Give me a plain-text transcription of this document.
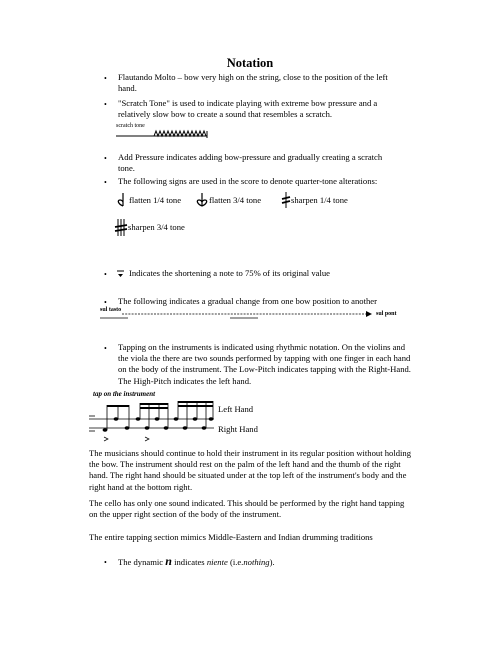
Notation
• Flautando Molto – bow very high on the string, close to the position of the left hand.
• "Scratch Tone" is used to indicate playing with extreme bow pressure and a relatively slow bow to create a sound that resembles a scratch.
scratch tone
• Add Pressure indicates adding bow-pressure and gradually creating a scratch tone.
• The following signs are used in the score to denote quarter-tone alterations:
flatten 1/4 tone	flatten 3/4 tone	sharpen 1/4 tone
sharpen 3/4 tone
•	Indicates the shortening a note to 75% of its original value
• The following indicates a gradual change from one bow position to another
sul tasto
sul pont
• Tapping on the instruments is indicated using rhythmic notation. On the violins and the viola the there are two sounds performed by tapping with one finger in each hand on the body of the instrument. The Low-Pitch indicates tapping with the Right-Hand. The High-Pitch indicates the left hand.
tap on the instrument
Left Hand
Right Hand
The musicians should continue to hold their instrument in its regular position without holding the bow. The instrument should rest on the palm of the left hand and the thumb of the right hand. The right hand should be situated under at the top left of the instrument's body and the right hand at the bottom right.
The cello has only one sound indicated. This should be performed by the right hand tapping on the upper right section of the body of the instrument.
The entire tapping section mimics Middle-Eastern and Indian drumming traditions
• The dynamic n indicates niente (i.e.nothing).
